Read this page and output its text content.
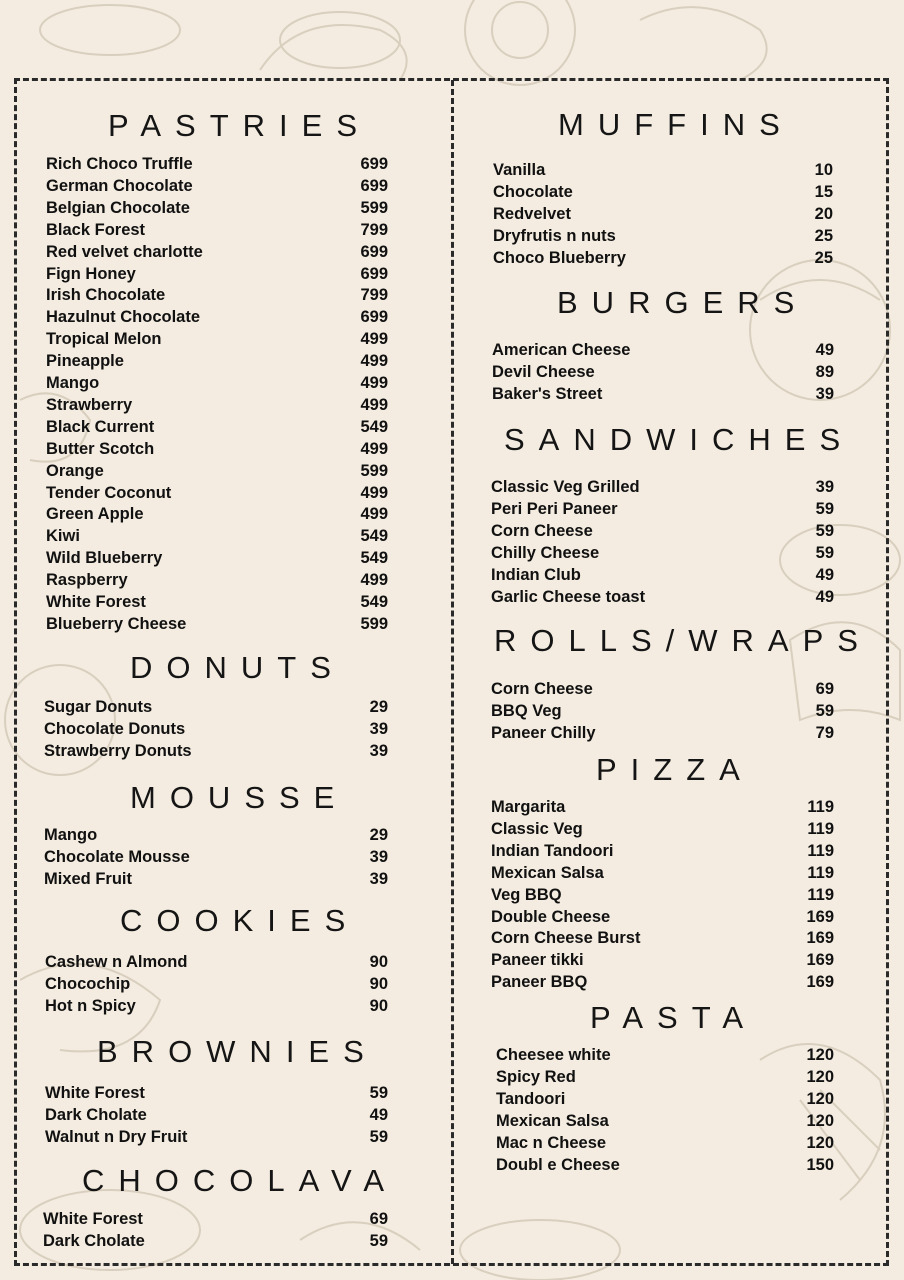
PASTRIES
Rich Choco Truffle	699
German Chocolate	699
Belgian Chocolate	599
Black Forest	799
Red velvet charlotte	699
Fign Honey	699
Irish Chocolate	799
Hazulnut Chocolate	699
Tropical Melon	499
Pineapple	499
Mango	499
Strawberry	499
Black Current	549
Butter Scotch	499
Orange	599
Tender Coconut	499
Green Apple	499
Kiwi	549
Wild Blueberry	549
Raspberry	499
White Forest	549
Blueberry Cheese	599
DONUTS
Sugar Donuts	29
Chocolate Donuts	39
Strawberry Donuts	39
MOUSSE
Mango	29
Chocolate Mousse	39
Mixed Fruit	39
COOKIES
Cashew n Almond	90
Chocochip	90
Hot n Spicy	90
BROWNIES
White Forest	59
Dark Cholate	49
Walnut n Dry Fruit	59
CHOCOLAVA
White Forest	69
Dark Cholate	59
MUFFINS
Vanilla	10
Chocolate	15
Redvelvet	20
Dryfrutis n nuts	25
Choco Blueberry	25
BURGERS
American Cheese	49
Devil Cheese	89
Baker's Street	39
SANDWICHES
Classic Veg Grilled	39
Peri Peri Paneer	59
Corn Cheese	59
Chilly Cheese	59
Indian Club	49
Garlic Cheese toast	49
ROLLS/WRAPS
Corn Cheese	69
BBQ Veg	59
Paneer Chilly	79
PIZZA
Margarita	119
Classic Veg	119
Indian Tandoori	119
Mexican Salsa	119
Veg BBQ	119
Double Cheese	169
Corn Cheese Burst	169
Paneer tikki	169
Paneer BBQ	169
PASTA
Cheesee white	120
Spicy Red	120
Tandoori	120
Mexican Salsa	120
Mac n Cheese	120
Doubl e Cheese	150
